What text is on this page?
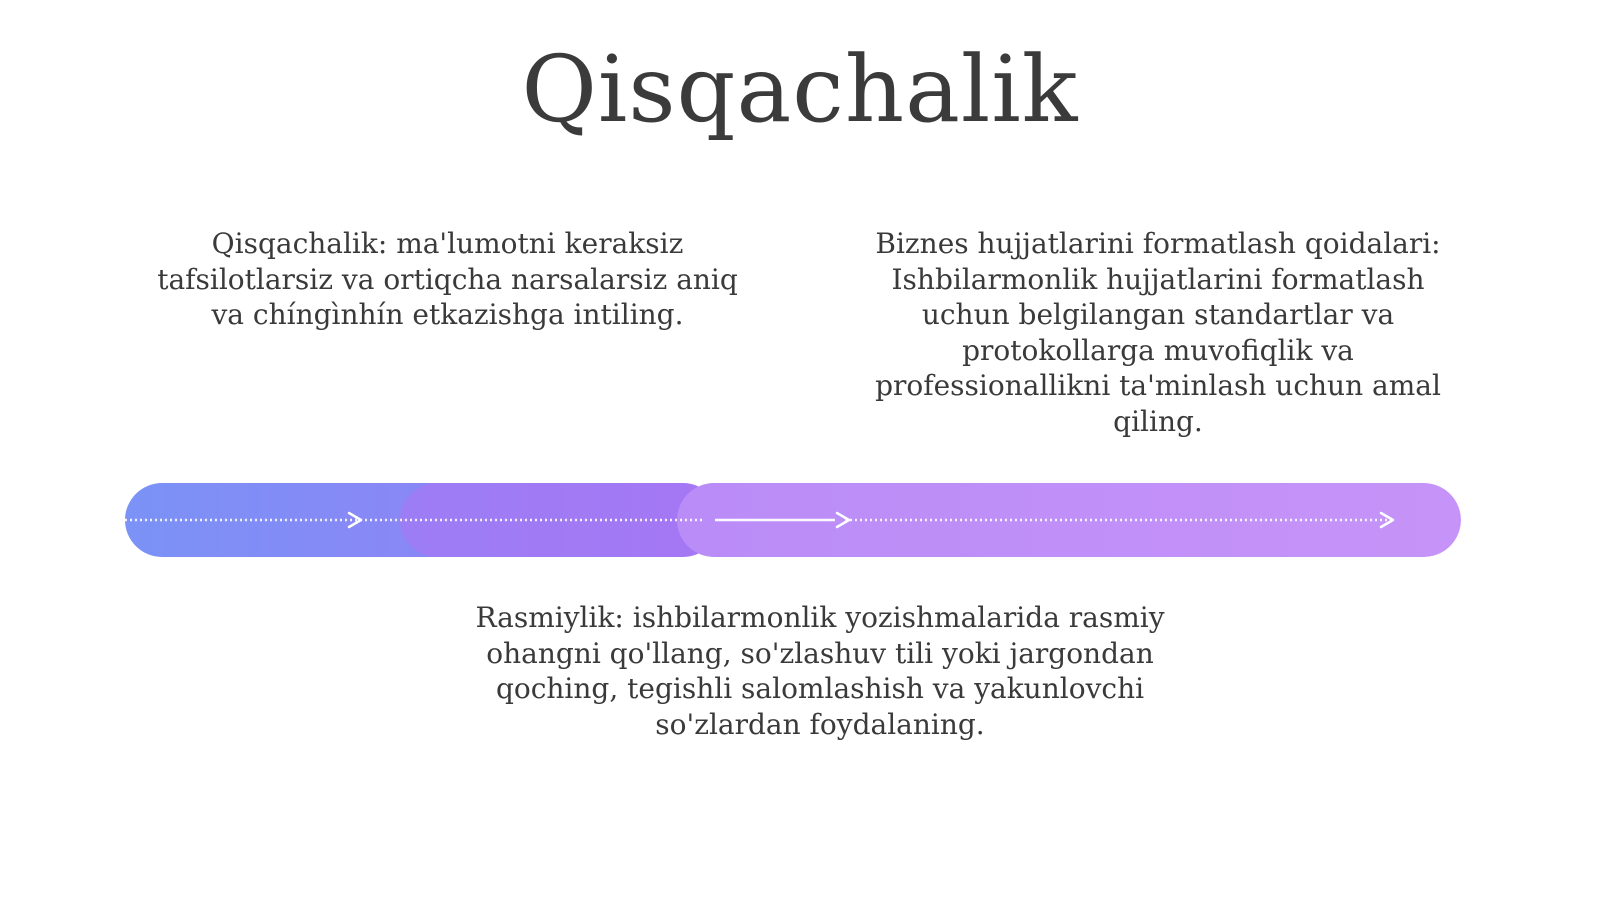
Qisqachalik
Qisqachalik: ma'lumotni keraksiz tafsilotlarsiz va ortiqcha narsalarsiz aniq va chíngìnhín etkazishga intiling.
Biznes hujjatlarini formatlash qoidalari: Ishbilarmonlik hujjatlarini formatlash uchun belgilangan standartlar va protokollarga muvofiqlik va professionallikni ta'minlash uchun amal qiling.
Rasmiylik: ishbilarmonlik yozishmalarida rasmiy ohangni qo'llang, so'zlashuv tili yoki jargondan qoching, tegishli salomlashish va yakunlovchi so'zlardan foydalaning.
